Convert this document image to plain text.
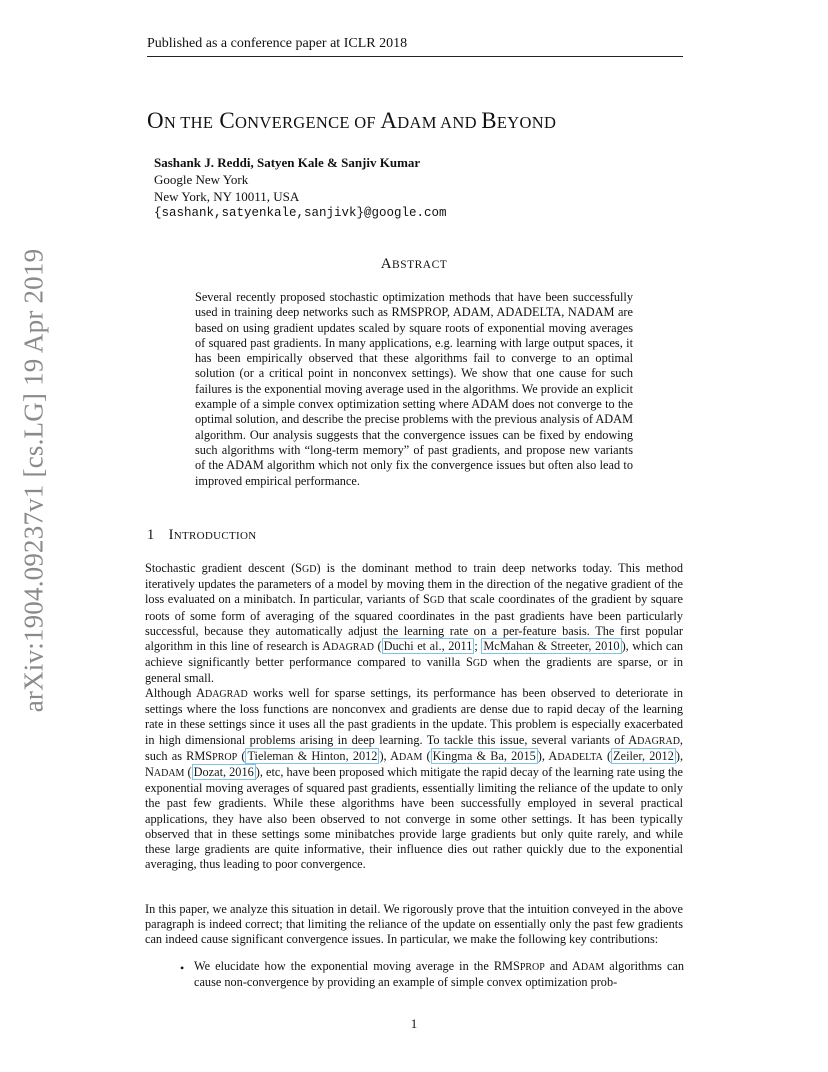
arXiv:1904.09237v1 [cs.LG] 19 Apr 2019
Published as a conference paper at ICLR 2018
ON THE CONVERGENCE OF ADAM AND BEYOND
Sashank J. Reddi, Satyen Kale & Sanjiv Kumar
Google New York
New York, NY 10011, USA
{sashank,satyenkale,sanjivk}@google.com
ABSTRACT

Several recently proposed stochastic optimization methods that have been successfully used in training deep networks such as RMSPROP, ADAM, ADADELTA, NADAM are based on using gradient updates scaled by square roots of exponential moving averages of squared past gradients. In many applications, e.g. learning with large output spaces, it has been empirically observed that these algorithms fail to converge to an optimal solution (or a critical point in nonconvex settings). We show that one cause for such failures is the exponential moving average used in the algorithms. We provide an explicit example of a simple convex optimization setting where ADAM does not converge to the optimal solution, and describe the precise problems with the previous analysis of ADAM algorithm. Our analysis suggests that the convergence issues can be fixed by endowing such algorithms with “long-term memory” of past gradients, and propose new variants of the ADAM algorithm which not only fix the convergence issues but often also lead to improved empirical performance.

1 INTRODUCTION

Stochastic gradient descent (SGD) is the dominant method to train deep networks today. This method iteratively updates the parameters of a model by moving them in the direction of the negative gradient of the loss evaluated on a minibatch. In particular, variants of SGD that scale coordinates of the gradient by square roots of some form of averaging of the squared coordinates in the past gradients have been particularly successful, because they automatically adjust the learning rate on a per-feature basis. The first popular algorithm in this line of research is ADAGRAD ( Duchi et al., 2011 ; McMahan & Streeter, 2010 ), which can achieve significantly better performance compared to vanilla SGD when the gradients are sparse, or in general small.

Although ADAGRAD works well for sparse settings, its performance has been observed to deteriorate in settings where the loss functions are nonconvex and gradients are dense due to rapid decay of the learning rate in these settings since it uses all the past gradients in the update. This problem is especially exacerbated in high dimensional problems arising in deep learning. To tackle this issue, several variants of ADAGRAD, such as RMSPROP ( Tieleman & Hinton, 2012 ), ADAM ( Kingma & Ba, 2015 ), ADADELTA ( Zeiler, 2012 ), NADAM ( Dozat, 2016 ), etc, have been proposed which mitigate the rapid decay of the learning rate using the exponential moving averages of squared past gradients, essentially limiting the reliance of the update to only the past few gradients. While these algorithms have been successfully employed in several practical applications, they have also been observed to not converge in some other settings. It has been typically observed that in these settings some minibatches provide large gradients but only quite rarely, and while these large gradients are quite informative, their influence dies out rather quickly due to the exponential averaging, thus leading to poor convergence.

In this paper, we analyze this situation in detail. We rigorously prove that the intuition conveyed in the above paragraph is indeed correct; that limiting the reliance of the update on essentially only the past few gradients can indeed cause significant convergence issues. In particular, we make the following key contributions:

• We elucidate how the exponential moving average in the RMSPROP and ADAM algorithms can cause non-convergence by providing an example of simple convex optimization prob-

1
